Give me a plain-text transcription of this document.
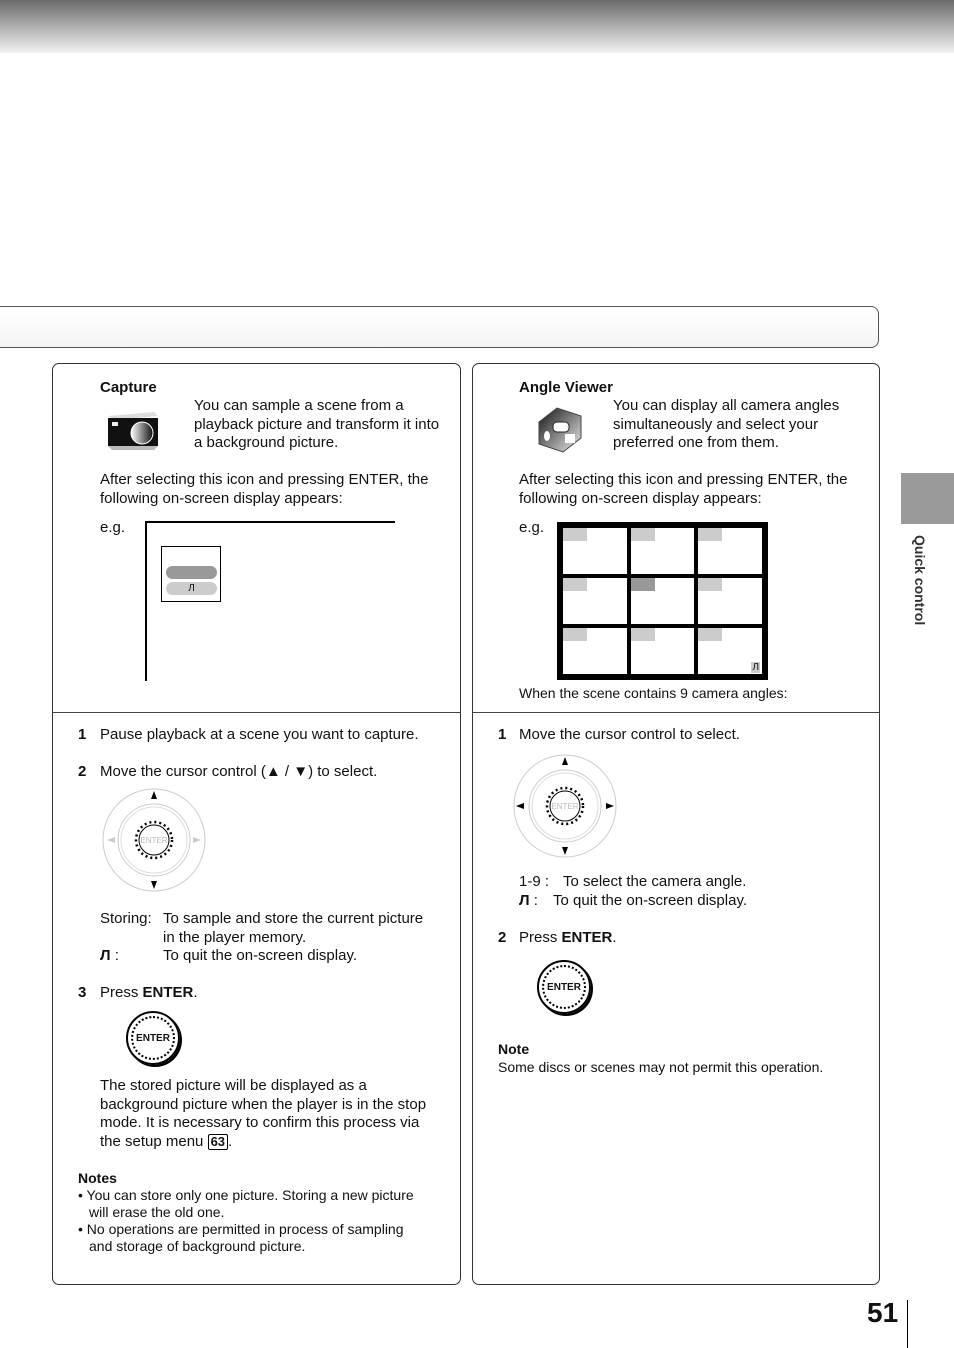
Quick control
51
Capture
You can sample a scene from a
playback picture and transform it into
a background picture.
After selecting this icon and pressing ENTER, the
following on-screen display appears:
e.g.
Л
1 Pause playback at a scene you want to capture.
2 Move the cursor control (▲ / ▼) to select.
ENTER
Storing: To sample and store the current picture
in the player memory.
Л :	To quit the on-screen display.
3 Press ENTER.
ENTER
The stored picture will be displayed as a
background picture when the player is in the stop
mode. It is necessary to confirm this process via
the setup menu 63 .
Notes
• You can store only one picture. Storing a new picture
will erase the old one.
• No operations are permitted in process of sampling
and storage of background picture.
Angle Viewer
You can display all camera angles
simultaneously and select your
preferred one from them.
After selecting this icon and pressing ENTER, the
following on-screen display appears:
e.g.
Л
When the scene contains 9 camera angles:
1 Move the cursor control to select.
ENTER
1-9 : To select the camera angle.
Л : To quit the on-screen display.
2 Press ENTER.
ENTER
Note
Some discs or scenes may not permit this operation.
